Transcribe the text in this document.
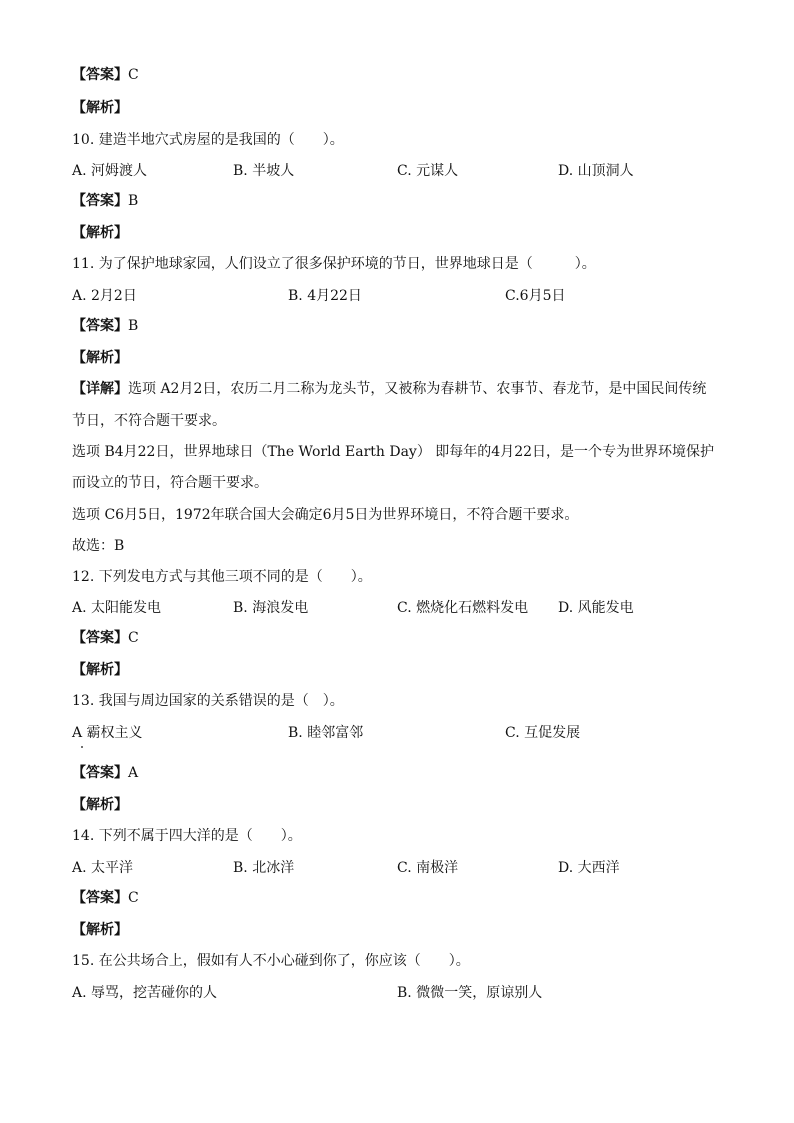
【答案】C
【解析】
10. 建造半地穴式房屋的是我国的（　　）。
A. 河姆渡人	B. 半坡人	C. 元谋人	D. 山顶洞人
【答案】B
【解析】
11. 为了保护地球家园，人们设立了很多保护环境的节日，世界地球日是（　　　）。
A. 2月2日	B. 4月22日	C.6月5日
【答案】B
【解析】
【详解】选项 A2月2日，农历二月二称为龙头节，又被称为春耕节、农事节、春龙节，是中国民间传统
节日，不符合题干要求。
选项 B4月22日，世界地球日（The World Earth Day） 即每年的4月22日，是一个专为世界环境保护
而设立的节日，符合题干要求。
选项 C6月5日，1972年联合国大会确定6月5日为世界环境日，不符合题干要求。
故选：B
12. 下列发电方式与其他三项不同的是（　　）。
A. 太阳能发电	B. 海浪发电	C. 燃烧化石燃料发电 D. 风能发电
【答案】C
【解析】
13. 我国与周边国家的关系错误的是（　）。
A 霸权主义	B. 睦邻富邻	C. 互促发展
【答案】A
【解析】
14. 下列不属于四大洋的是（　　）。
A. 太平洋	B. 北冰洋	C. 南极洋	D. 大西洋
【答案】C
【解析】
15. 在公共场合上，假如有人不小心碰到你了，你应该（　　）。
A. 辱骂，挖苦碰你的人	B. 微微一笑，原谅别人
